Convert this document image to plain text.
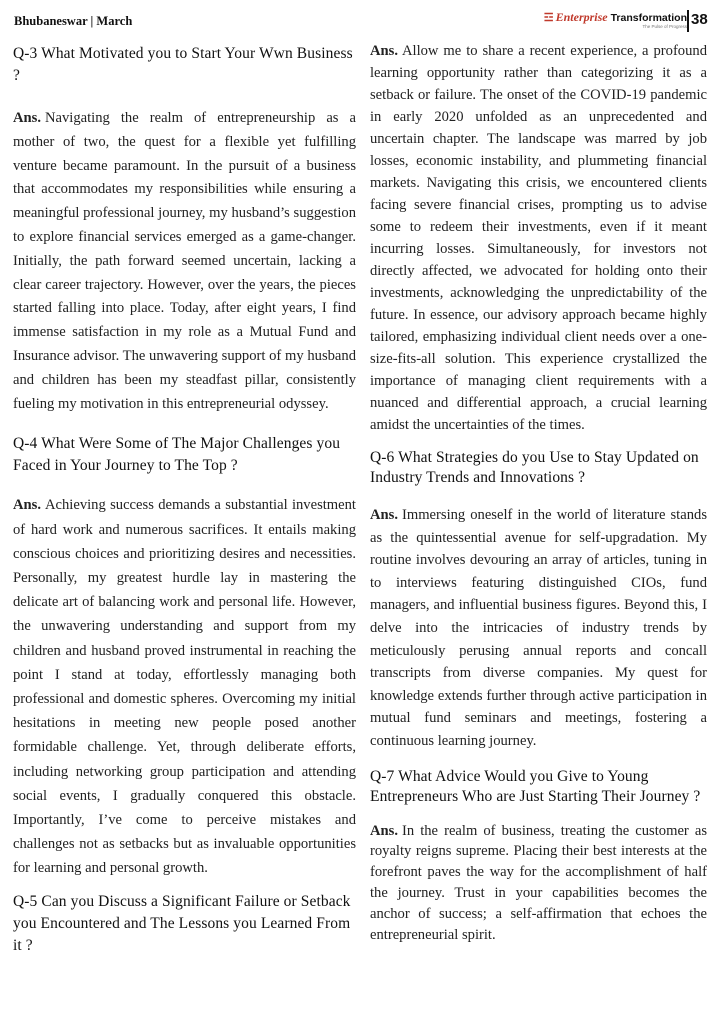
Bhubaneswar | March	☲ Enterprise Transformation
The Pulse of Progress 38

Q-3 What Motivated you to Start Your Wwn Business ?

Ans. Navigating the realm of entrepreneurship as a mother of two, the quest for a flexible yet fulfilling venture became paramount. In the pursuit of a business that accommodates my responsibilities while ensuring a meaningful professional journey, my husband’s suggestion to explore financial services emerged as a game-changer. Initially, the path forward seemed uncertain, lacking a clear career trajectory. However, over the years, the pieces started falling into place. Today, after eight years, I find immense satisfaction in my role as a Mutual Fund and Insurance advisor. The unwavering support of my husband and children has been my steadfast pillar, consistently fueling my motivation in this entrepreneurial odyssey.

Q-4 What Were Some of The Major Challenges you Faced in Your Journey to The Top ?

Ans. Achieving success demands a substantial investment of hard work and numerous sacrifices. It entails making conscious choices and prioritizing desires and necessities. Personally, my greatest hurdle lay in mastering the delicate art of balancing work and personal life. However, the unwavering understanding and support from my children and husband proved instrumental in reaching the point I stand at today, effortlessly managing both professional and domestic spheres. Overcoming my initial hesitations in meeting new people posed another formidable challenge. Yet, through deliberate efforts, including networking group participation and attending social events, I gradually conquered this obstacle. Importantly, I’ve come to perceive mistakes and challenges not as setbacks but as invaluable opportunities for learning and personal growth.

Q-5 Can you Discuss a Significant Failure or Setback you Encountered and The Lessons you Learned From it ?

Ans. Allow me to share a recent experience, a profound learning opportunity rather than categorizing it as a setback or failure. The onset of the COVID-19 pandemic in early 2020 unfolded as an unprecedented and uncertain chapter. The landscape was marred by job losses, economic instability, and plummeting financial markets. Navigating this crisis, we encountered clients facing severe financial crises, prompting us to advise some to redeem their investments, even if it meant incurring losses. Simultaneously, for investors not directly affected, we advocated for holding onto their investments, acknowledging the unpredictability of the future. In essence, our advisory approach became highly tailored, emphasizing individual client needs over a one-size-fits-all solution. This experience crystallized the importance of managing client requirements with a nuanced and differential approach, a crucial learning amidst the uncertainties of the times.

Q-6 What Strategies do you Use to Stay Updated on Industry Trends and Innovations ?

Ans. Immersing oneself in the world of literature stands as the quintessential avenue for self-upgradation. My routine involves devouring an array of articles, tuning in to interviews featuring distinguished CIOs, fund managers, and influential business figures. Beyond this, I delve into the intricacies of industry trends by meticulously perusing annual reports and concall transcripts from diverse companies. My quest for knowledge extends further through active participation in mutual fund seminars and meetings, fostering a continuous learning journey.

Q-7 What Advice Would you Give to Young Entrepreneurs Who are Just Starting Their Journey ?

Ans. In the realm of business, treating the customer as royalty reigns supreme. Placing their best interests at the forefront paves the way for the accomplishment of half the journey. Trust in your capabilities becomes the anchor of success; a self-affirmation that echoes the entrepreneurial spirit.
